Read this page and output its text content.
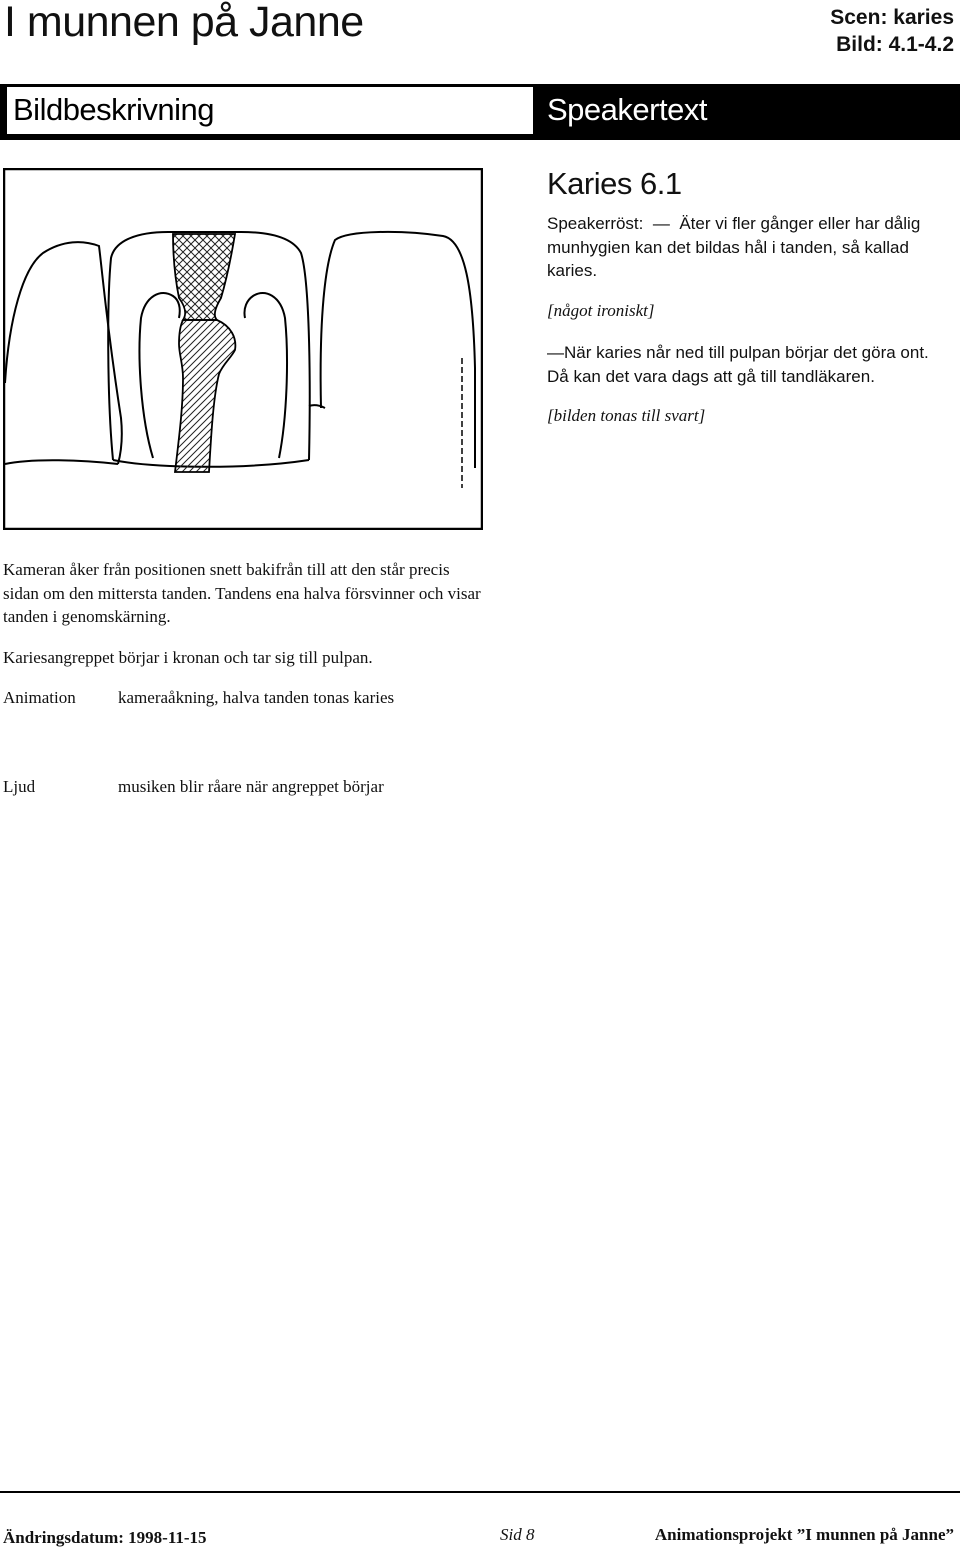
I munnen på Janne	Scen: karies
Bild: 4.1-4.2
Bildbeskrivning	Speakertext
Karies 6.1
Speakerröst:  —  Äter vi fler gånger eller har dålig munhygien kan det bildas hål i tanden, så kallad karies.
[något ironiskt]
—När karies når ned till pulpan börjar det göra ont. Då kan det vara dags att gå till tandläkaren.
[bilden tonas till svart]
Kameran åker från positionen snett bakifrån till att den står precis sidan om den mittersta tanden. Tandens ena halva försvinner och visar tanden i genomskärning.
Kariesangreppet börjar i kronan och tar sig till pulpan.
Animation kameraåkning, halva tanden tonas karies
Ljud	musiken blir råare när angreppet börjar
Ändringsdatum: 1998-11-15	Sid 8	Animationsprojekt ”I munnen på Janne”
